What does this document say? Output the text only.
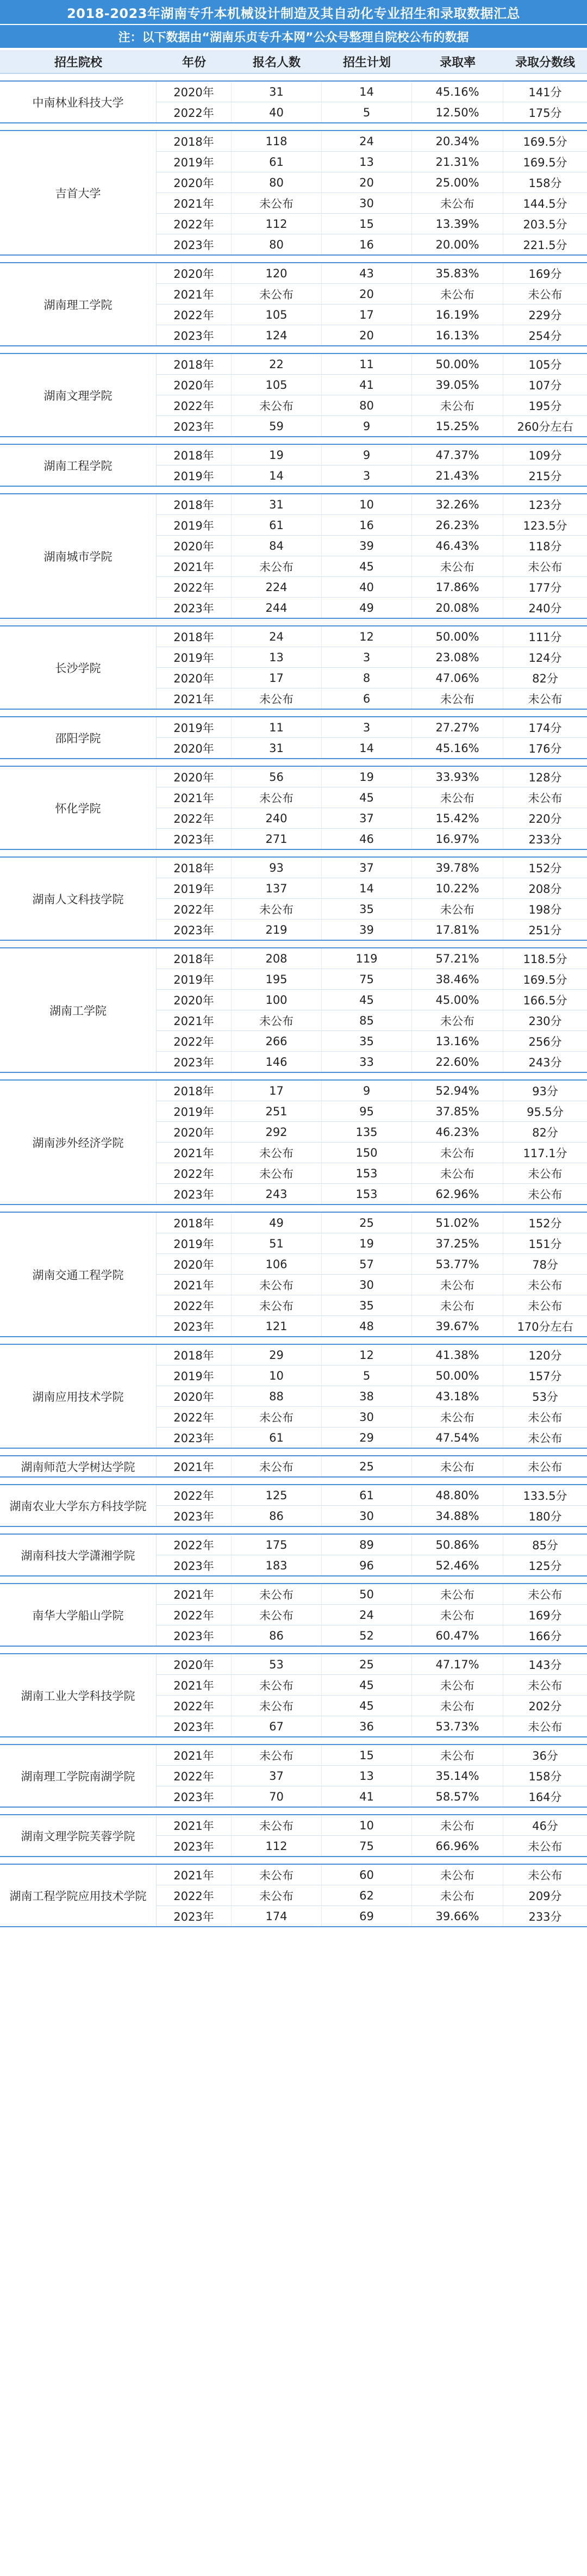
2018-2023年湖南专升本机械设计制造及其自动化专业招生和录取数据汇总
注：以下数据由“湖南乐贞专升本网”公众号整理自院校公布的数据
招生院校	年份	报名人数	招生计划	录取率	录取分数线
中南林业科技大学
2020年	31	14	45.16%	141分
2022年	40	5	12.50%	175分
吉首大学
2018年	118	24	20.34%	169.5分
2019年	61	13	21.31%	169.5分
2020年	80	20	25.00%	158分
2021年	未公布	30	未公布	144.5分
2022年	112	15	13.39%	203.5分
2023年	80	16	20.00%	221.5分
湖南理工学院
2020年	120	43	35.83%	169分
2021年	未公布	20	未公布	未公布
2022年	105	17	16.19%	229分
2023年	124	20	16.13%	254分
湖南文理学院
2018年	22	11	50.00%	105分
2020年	105	41	39.05%	107分
2022年	未公布	80	未公布	195分
2023年	59	9	15.25%	260分左右
湖南工程学院
2018年	19	9	47.37%	109分
2019年	14	3	21.43%	215分
湖南城市学院
2018年	31	10	32.26%	123分
2019年	61	16	26.23%	123.5分
2020年	84	39	46.43%	118分
2021年	未公布	45	未公布	未公布
2022年	224	40	17.86%	177分
2023年	244	49	20.08%	240分
长沙学院
2018年	24	12	50.00%	111分
2019年	13	3	23.08%	124分
2020年	17	8	47.06%	82分
2021年	未公布	6	未公布	未公布
邵阳学院
2019年	11	3	27.27%	174分
2020年	31	14	45.16%	176分
怀化学院
2020年	56	19	33.93%	128分
2021年	未公布	45	未公布	未公布
2022年	240	37	15.42%	220分
2023年	271	46	16.97%	233分
湖南人文科技学院
2018年	93	37	39.78%	152分
2019年	137	14	10.22%	208分
2022年	未公布	35	未公布	198分
2023年	219	39	17.81%	251分
湖南工学院
2018年	208	119	57.21%	118.5分
2019年	195	75	38.46%	169.5分
2020年	100	45	45.00%	166.5分
2021年	未公布	85	未公布	230分
2022年	266	35	13.16%	256分
2023年	146	33	22.60%	243分
湖南涉外经济学院
2018年	17	9	52.94%	93分
2019年	251	95	37.85%	95.5分
2020年	292	135	46.23%	82分
2021年	未公布	150	未公布	117.1分
2022年	未公布	153	未公布	未公布
2023年	243	153	62.96%	未公布
湖南交通工程学院
2018年	49	25	51.02%	152分
2019年	51	19	37.25%	151分
2020年	106	57	53.77%	78分
2021年	未公布	30	未公布	未公布
2022年	未公布	35	未公布	未公布
2023年	121	48	39.67%	170分左右
湖南应用技术学院
2018年	29	12	41.38%	120分
2019年	10	5	50.00%	157分
2020年	88	38	43.18%	53分
2022年	未公布	30	未公布	未公布
2023年	61	29	47.54%	未公布
湖南师范大学树达学院	2021年	未公布	25	未公布	未公布
湖南农业大学东方科技学院
2022年	125	61	48.80%	133.5分
2023年	86	30	34.88%	180分
湖南科技大学潇湘学院
2022年	175	89	50.86%	85分
2023年	183	96	52.46%	125分
南华大学船山学院
2021年	未公布	50	未公布	未公布
2022年	未公布	24	未公布	169分
2023年	86	52	60.47%	166分
湖南工业大学科技学院
2020年	53	25	47.17%	143分
2021年	未公布	45	未公布	未公布
2022年	未公布	45	未公布	202分
2023年	67	36	53.73%	未公布
湖南理工学院南湖学院
2021年	未公布	15	未公布	36分
2022年	37	13	35.14%	158分
2023年	70	41	58.57%	164分
湖南文理学院芙蓉学院
2021年	未公布	10	未公布	46分
2023年	112	75	66.96%	未公布
湖南工程学院应用技术学院
2021年	未公布	60	未公布	未公布
2022年	未公布	62	未公布	209分
2023年	174	69	39.66%	233分
